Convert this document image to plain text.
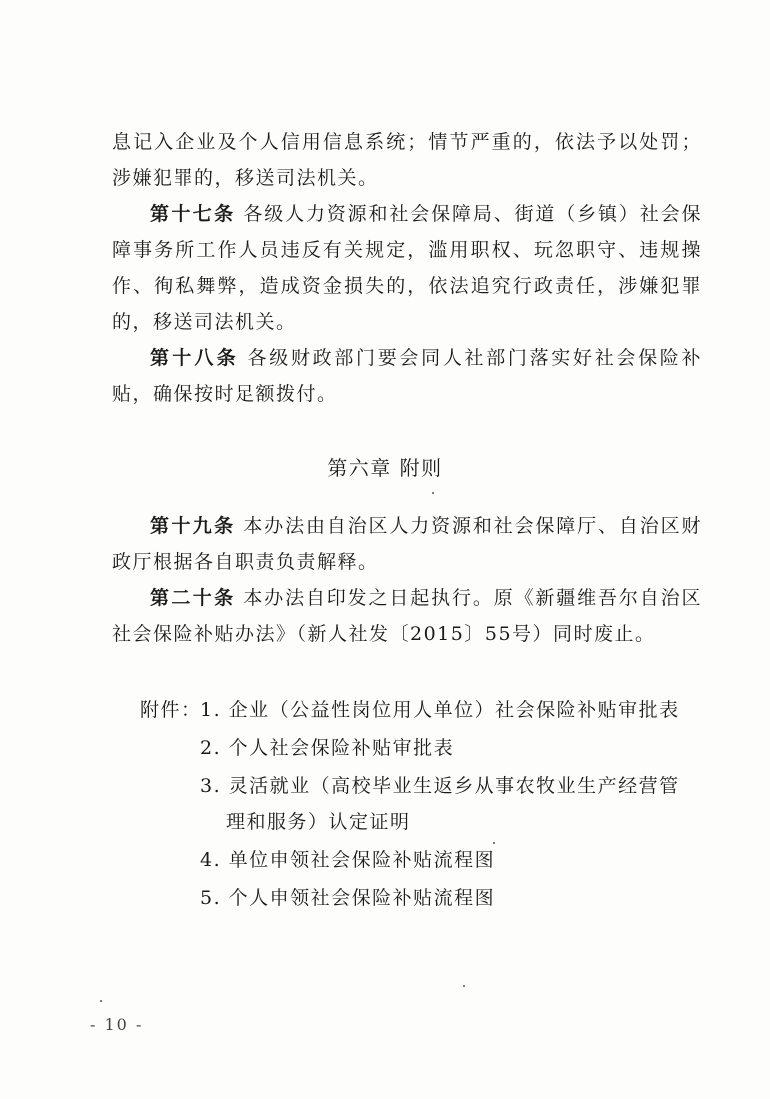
息记入企业及个人信用信息系统；情节严重的，依法予以处罚；涉嫌犯罪的，移送司法机关。

第十七条 各级人力资源和社会保障局、街道（乡镇）社会保障事务所工作人员违反有关规定，滥用职权、玩忽职守、违规操作、徇私舞弊，造成资金损失的，依法追究行政责任，涉嫌犯罪的，移送司法机关。

第十八条 各级财政部门要会同人社部门落实好社会保险补贴，确保按时足额拨付。

第六章 附则

第十九条 本办法由自治区人力资源和社会保障厅、自治区财政厅根据各自职责负责解释。

第二十条 本办法自印发之日起执行。原《新疆维吾尔自治区社会保险补贴办法》（新人社发〔2015〕55号）同时废止。

附件：
1. 企业（公益性岗位用人单位）社会保险补贴审批表
2. 个人社会保险补贴审批表
3. 灵活就业（高校毕业生返乡从事农牧业生产经营管
理和服务）认定证明
4. 单位申领社会保险补贴流程图
5. 个人申领社会保险补贴流程图
- 10 -
